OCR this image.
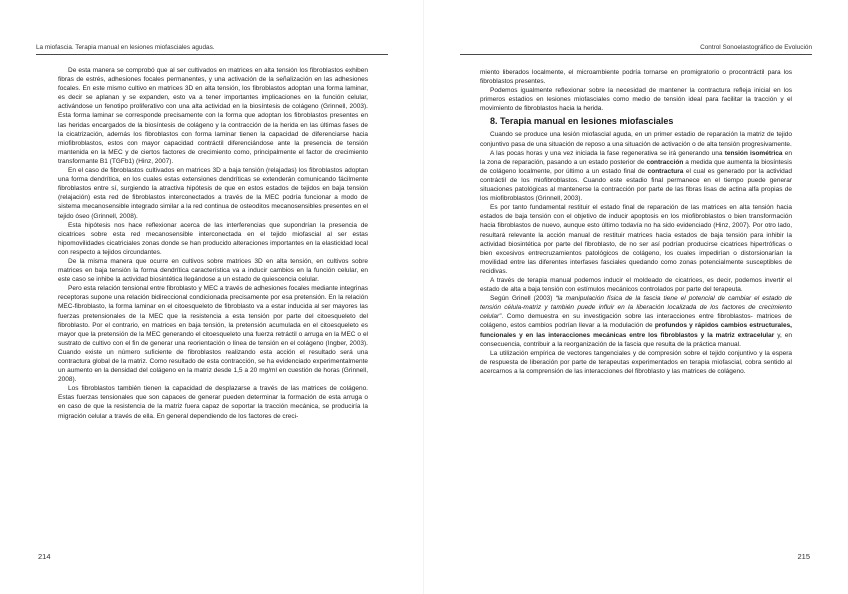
La miofascia. Terapia manual en lesiones miofasciales agudas.

De esta manera se comprobó que al ser cultivados en matrices en alta tensión los fibroblastos exhiben fibras de estrés, adhesiones focales permanentes, y una activación de la señalización en las adhesiones focales. En este mismo cultivo en matrices 3D en alta tensión, los fibroblastos adoptan una forma laminar, es decir se aplanan y se expanden, esto va a tener importantes implicaciones en la función celular, activándose un fenotipo proliferativo con una alta actividad en la biosíntesis de colágeno (Grinnell, 2003). Esta forma laminar se corresponde precisamente con la forma que adoptan los fibroblastos presentes en las heridas encargados de la biosíntesis de colágeno y la contracción de la herida en las últimas fases de la cicatrización, además los fibroblastos con forma laminar tienen la capacidad de diferenciarse hacia miofibroblastos, estos con mayor capacidad contráctil diferenciándose ante la presencia de tensión mantenida en la MEC y de ciertos factores de crecimiento como, principalmente el factor de crecimiento transformante B1 (TGFb1) (Hinz, 2007).

En el caso de fibroblastos cultivados en matrices 3D a baja tensión (relajadas) los fibroblastos adoptan una forma dendrítica, en los cuales estas extensiones dendríticas se extenderán comunicando fácilmente fibroblastos entre sí, surgiendo la atractiva hipótesis de que en estos estados de tejidos en baja tensión (relajación) esta red de fibroblastos interconectados a través de la MEC podría funcionar a modo de sistema mecanosensible integrado similar a la red continua de osteoditos mecanosensibles presentes en el tejido óseo (Grinnell, 2008).

Esta hipótesis nos hace reflexionar acerca de las interferencias que supondrían la presencia de cicatrices sobre esta red mecanosensible interconectada en el tejido miofascial al ser estas hipomovilidades cicatriciales zonas donde se han producido alteraciones importantes en la elasticidad local con respecto a tejidos circundantes.

De la misma manera que ocurre en cultivos sobre matrices 3D en alta tensión, en cultivos sobre matrices en baja tensión la forma dendrítica característica va a inducir cambios en la función celular, en este caso se inhibe la actividad biosintética llegándose a un estado de quiescencia celular.

Pero esta relación tensional entre fibroblasto y MEC a través de adhesiones focales mediante integrinas receptoras supone una relación bidireccional condicionada precisamente por esa pretensión. En la relación MEC-fibroblasto, la forma laminar en el citoesqueleto de fibroblasto va a estar inducida al ser mayores las fuerzas pretensionales de la MEC que la resistencia a esta tensión por parte del citoesqueleto del fibroblasto. Por el contrario, en matrices en baja tensión, la pretensión acumulada en el citoesqueleto es mayor que la pretensión de la MEC generando el citoesqueleto una fuerza retráctil o arruga en la MEC o el sustrato de cultivo con el fin de generar una reorientación o línea de tensión en el colágeno (Ingber, 2003). Cuando existe un número suficiente de fibroblastos realizando esta acción el resultado será una contractura global de la matriz. Como resultado de esta contracción, se ha evidenciado experimentalmente un aumento en la densidad del colágeno en la matriz desde 1,5 a 20 mg/ml en cuestión de horas (Grinnell, 2008).

Los fibroblastos también tienen la capacidad de desplazarse a través de las matrices de colágeno. Estas fuerzas tensionales que son capaces de generar pueden determinar la formación de esta arruga o en caso de que la resistencia de la matriz fuera capaz de soportar la tracción mecánica, se produciría la migración celular a través de ella. En general dependiendo de los factores de creci-

214
Control Sonoelastográfico de Evolución

miento liberados localmente, el microambiente podría tornarse en promigratorio o procontráctil para los fibroblastos presentes.

Podemos igualmente reflexionar sobre la necesidad de mantener la contractura refleja inicial en los primeros estadios en lesiones miofasciales como medio de tensión ideal para facilitar la tracción y el movimiento de fibroblastos hacia la herida.

8. Terapia manual en lesiones miofasciales

Cuando se produce una lesión miofascial aguda, en un primer estadio de reparación la matriz de tejido conjuntivo pasa de una situación de reposo a una situación de activación o de alta tensión progresivamente.

A las pocas horas y una vez iniciada la fase regenerativa se irá generando una tensión isométrica en la zona de reparación, pasando a un estado posterior de contracción a medida que aumenta la biosíntesis de colágeno localmente, por último a un estado final de contractura el cual es generado por la actividad contráctil de los miofibroblastos. Cuando este estadio final permanece en el tiempo puede generar situaciones patológicas al mantenerse la contracción por parte de las fibras lisas de actina alfa propias de los miofibroblastos (Grinnell, 2003).

Es por tanto fundamental restituir el estado final de reparación de las matrices en alta tensión hacia estados de baja tensión con el objetivo de inducir apoptosis en los miofibroblastos o bien transformación hacia fibroblastos de nuevo, aunque esto último todavía no ha sido evidenciado (Hinz, 2007). Por otro lado, resultará relevante la acción manual de restituir matrices hacia estados de baja tensión para inhibir la actividad biosintética por parte del fibroblasto, de no ser así podrían producirse cicatrices hipertróficas o bien excesivos entrecruzamientos patológicos de colágeno, los cuales impedirían o distorsionarían la movilidad entre las diferentes interfases fasciales quedando como zonas potencialmente susceptibles de recidivas.

A través de terapia manual podemos inducir el moldeado de cicatrices, es decir, podemos invertir el estado de alta a baja tensión con estímulos mecánicos controlados por parte del terapeuta.

Según Grinell (2003) “la manipulación física de la fascia tiene el potencial de cambiar el estado de tensión célula-matriz y también puede influir en la liberación localizada de los factores de crecimiento celular”. Como demuestra en su investigación sobre las interacciones entre fibroblastos- matrices de colágeno, estos cambios podrían llevar a la modulación de profundos y rápidos cambios estructurales, funcionales y en las interacciones mecánicas entre los fibroblastos y la matriz extracelular y, en consecuencia, contribuir a la reorganización de la fascia que resulta de la práctica manual.

La utilización empírica de vectores tangenciales y de compresión sobre el tejido conjuntivo y la espera de respuesta de liberación por parte de terapeutas experimentados en terapia miofascial, cobra sentido al acercarnos a la comprensión de las interacciones del fibroblasto y las matrices de colágeno.

215
